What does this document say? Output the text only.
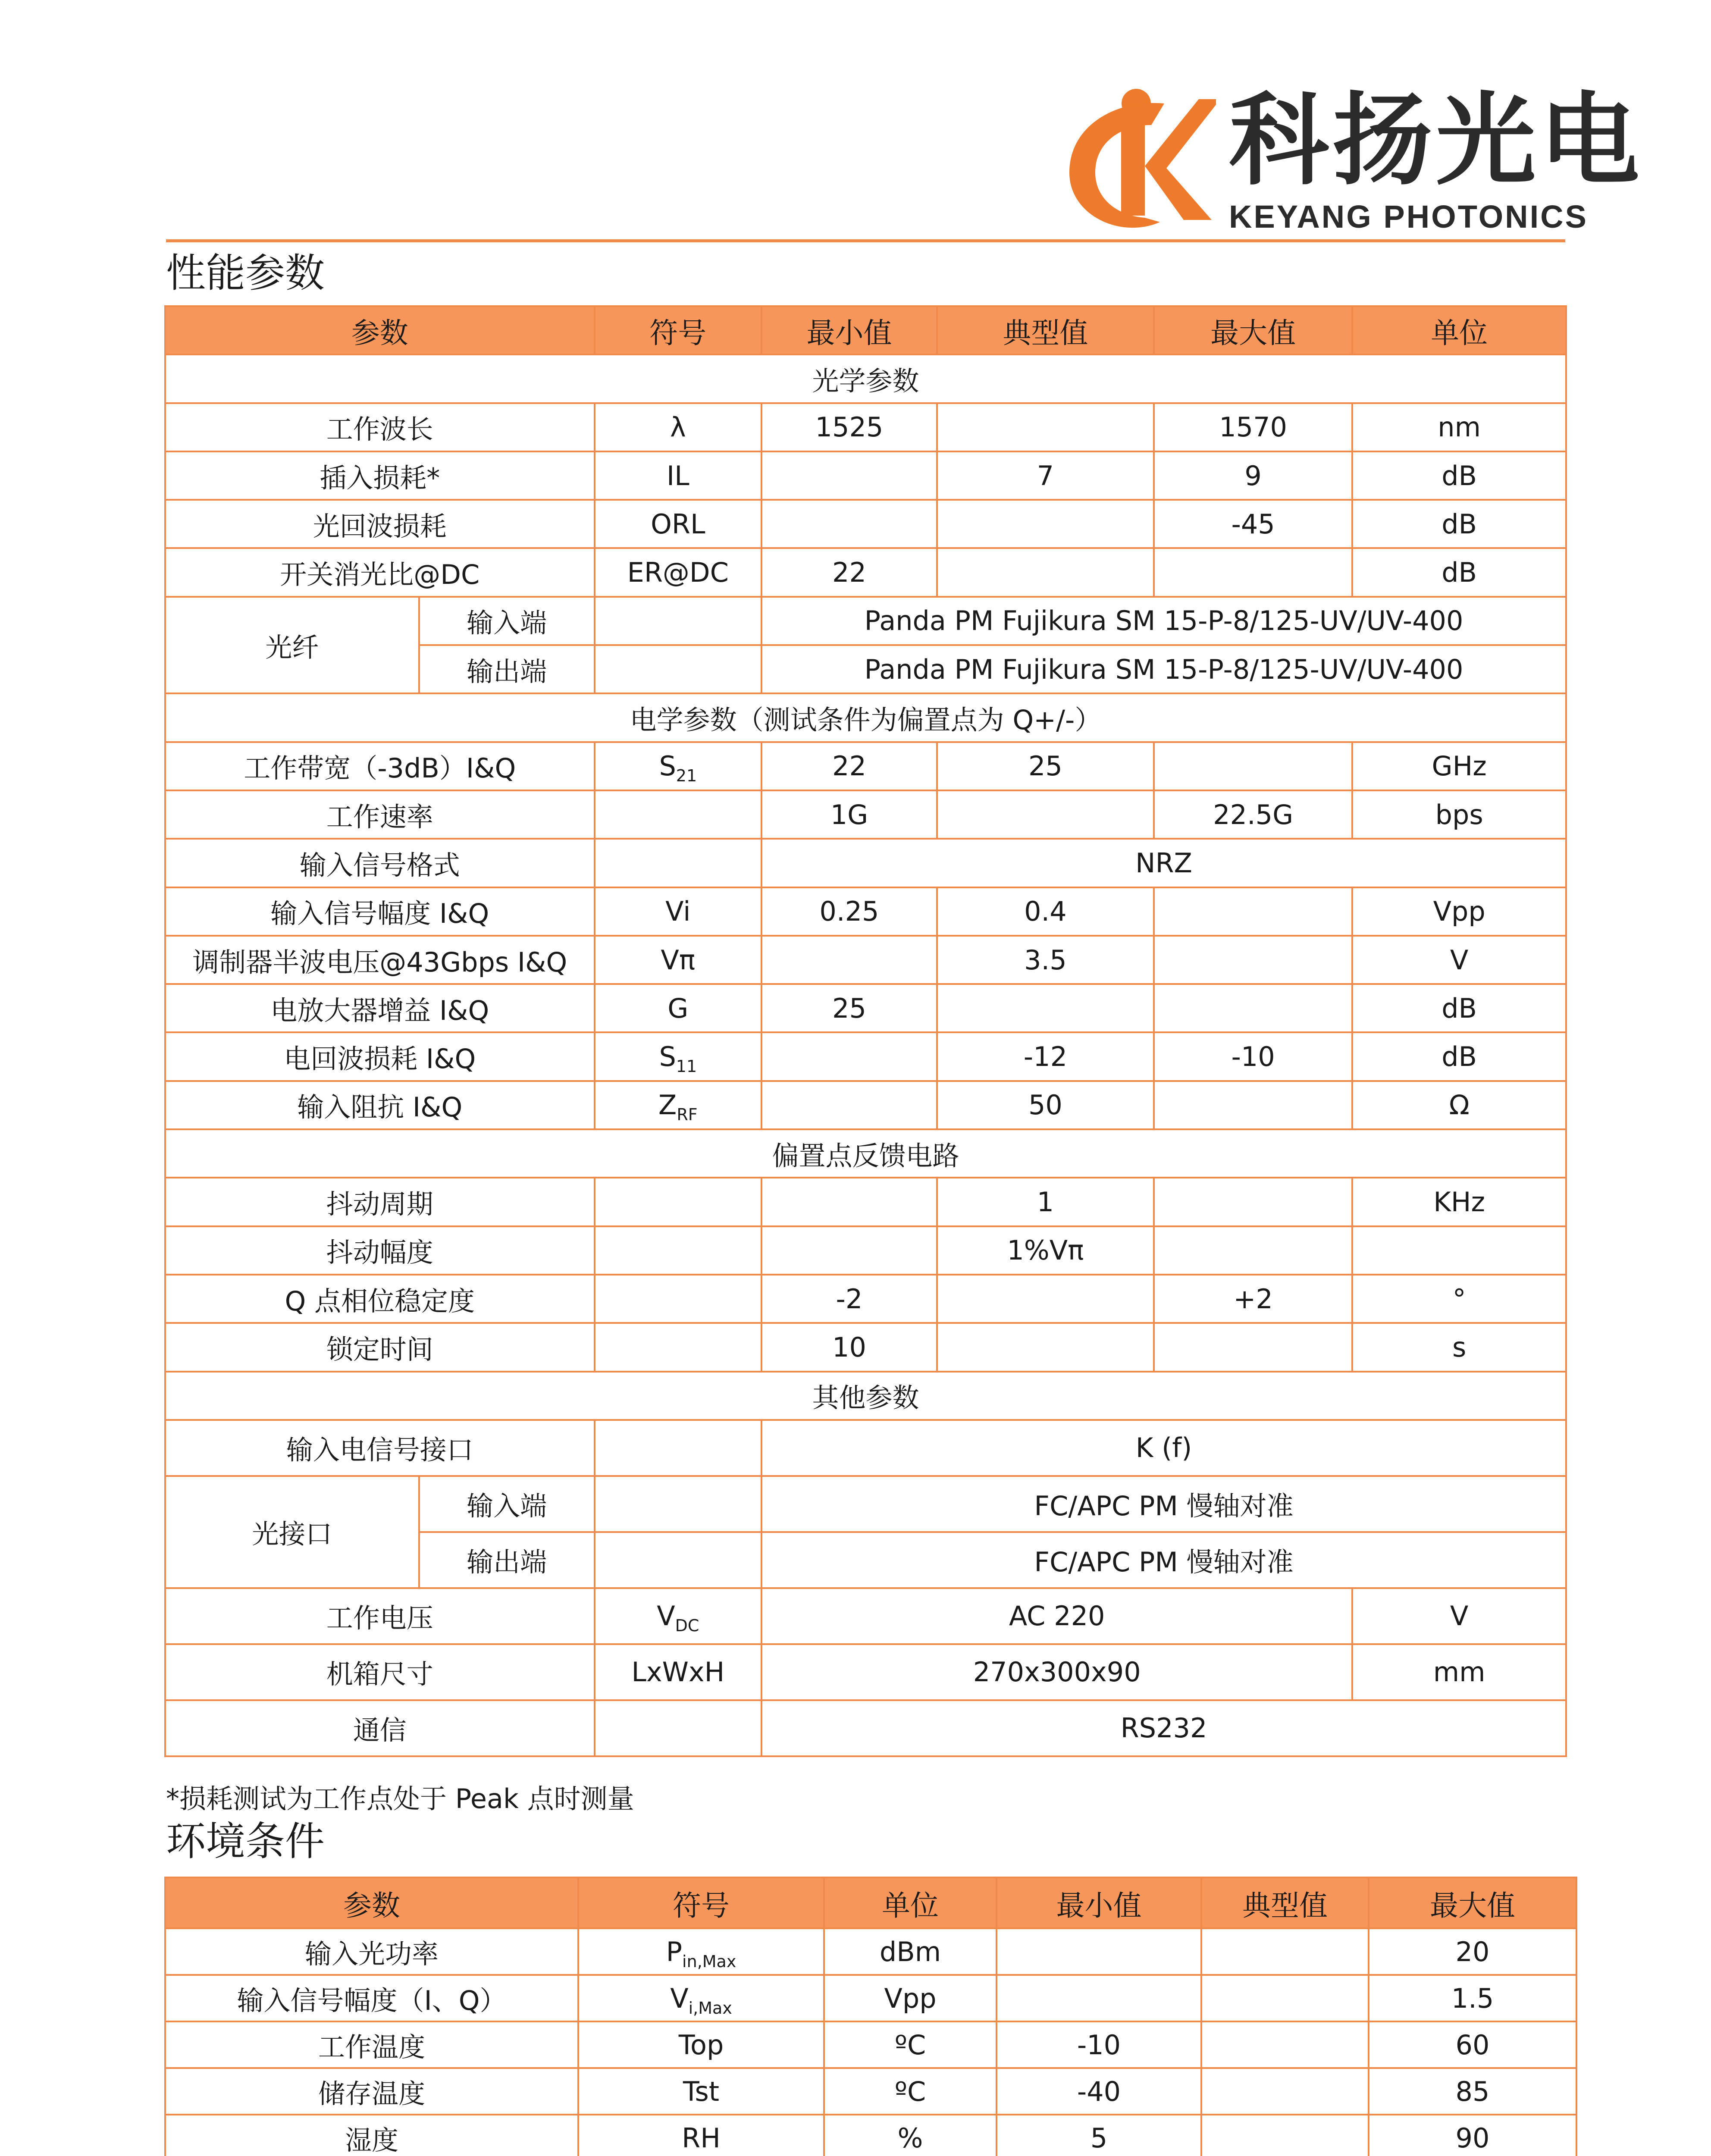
科扬光电
KEYANG PHOTONICS
性能参数
参数		符号	最小值	典型值	最大值	单位
光学参数						
工作波长		λ	1525		1570	nm
插入损耗*		IL		7	9	dB
光回波损耗		ORL			-45	dB
开关消光比@DC		ER@DC	22			dB
光纤	输入端		Panda PM Fujikura SM 15-P-8/125-UV/UV-400			
	输出端		Panda PM Fujikura SM 15-P-8/125-UV/UV-400			
电学参数（测试条件为偏置点为 Q+/-）						
工作带宽（-3dB）I&Q		$S_{21}$	22	25		GHz
工作速率			1G		22.5G	bps
输入信号格式			NRZ			
输入信号幅度 I&Q		Vi	0.25	0.4		Vpp
调制器半波电压@43Gbps I&Q		Vπ		3.5		V
电放大器增益 I&Q		G	25			dB
电回波损耗 I&Q		$S_{11}$		-12	-10	dB
输入阻抗 I&Q		$Z_{RF}$		50		Ω
偏置点反馈电路						
抖动周期				1		KHz
抖动幅度				1%Vπ		
Q 点相位稳定度			-2		+2	°
锁定时间			10			s
其他参数						
输入电信号接口			K (f)			
光接口	输入端		FC/APC PM 慢轴对准			
	输出端		FC/APC PM 慢轴对准			
工作电压		$V_{DC}$	AC 220			V
机箱尺寸		LxWxH	270x300x90			mm
通信			RS232			
*损耗测试为工作点处于 Peak 点时测量
环境条件
参数	符号	单位	最小值	典型值	最大值
输入光功率	$P_{in,Max}$	dBm			20
输入信号幅度（I、Q）	$V_{i,Max}$	Vpp			1.5
工作温度	Top	ºC	-10		60
储存温度	Tst	ºC	-40		85
湿度	RH	%	5		90
